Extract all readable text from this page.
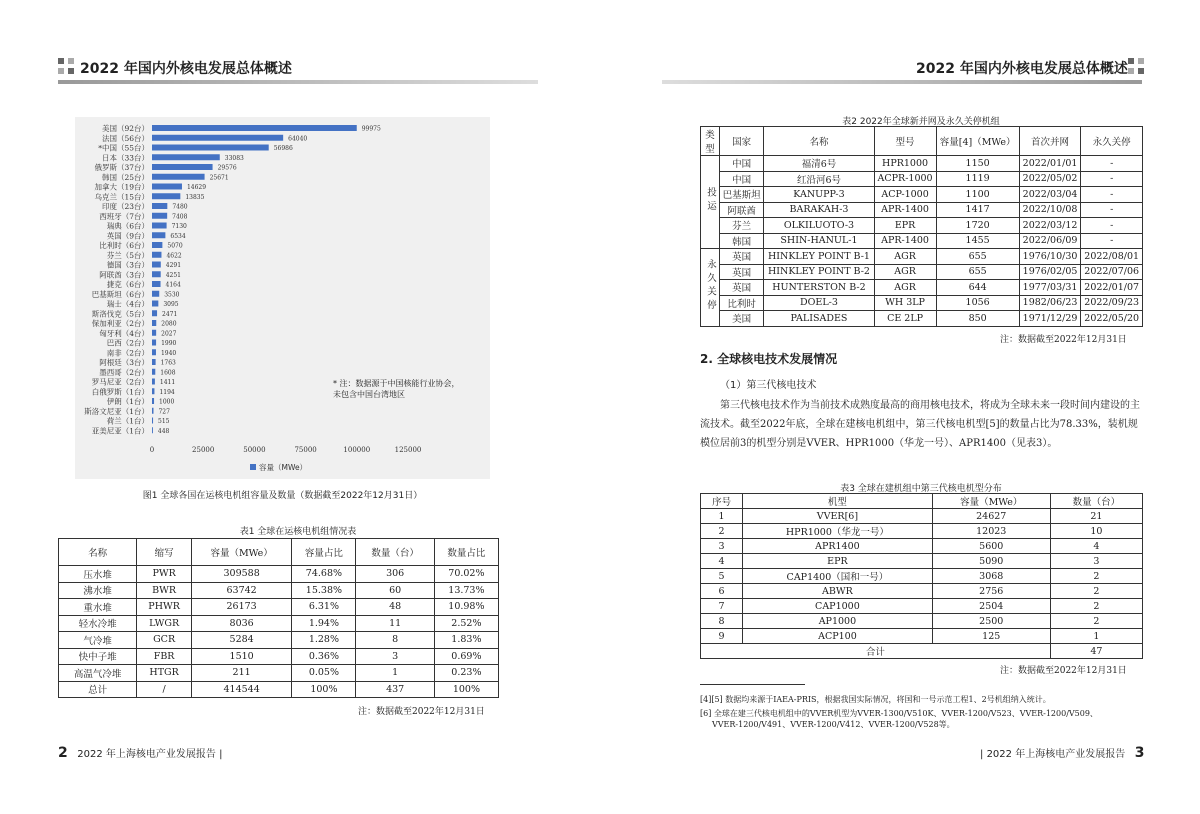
2022 年国内外核电发展总体概述
美国（92台）	99975
法国（56台）	64040
*中国（55台）	56986
日本（33台）	33083
俄罗斯（37台）	29576
韩国（25台）	25671
加拿大（19台）	14629
乌克兰（15台）	13835
印度（23台）	7480
西班牙（7台）	7408
瑞典（6台）	7130
英国（9台）	6534
比利时（6台）	5070
芬兰（5台）	4622
德国（3台）	4291
阿联酋（3台）	4251
捷克（6台）	4164
巴基斯坦（6台）	3530
瑞士（4台） 3095
斯洛伐克（5台） 2471
保加利亚（2台） 2080
匈牙利（4台） 2027
巴西（2台） 1990
南非（2台） 1940
阿根廷（3台） 1763
墨西哥（2台） 1608
罗马尼亚（2台） 1411
白俄罗斯（1台） 1194
伊朗（1台） 1000
斯洛文尼亚（1台） 727
荷兰（1台） 515
亚美尼亚（1台） 448
0	25000	50000	75000	100000	125000
容量（MWe）
* 注：数据源于中国核能行业协会，
未包含中国台湾地区
图1 全球各国在运核电机组容量及数量（数据截至2022年12月31日）
表1 全球在运核电机组情况表
名称	缩写	容量（MWe）	容量占比	数量（台）	数量占比
压水堆	PWR	309588	74.68%	306	70.02%
沸水堆	BWR	63742	15.38%	60	13.73%
重水堆	PHWR	26173	6.31%	48	10.98%
轻水冷堆	LWGR	8036	1.94%	11	2.52%
气冷堆	GCR	5284	1.28%	8	1.83%
快中子堆	FBR	1510	0.36%	3	0.69%
高温气冷堆	HTGR	211	0.05%	1	0.23%
总计	/	414544	100%	437	100%
注：数据截至2022年12月31日
2 2022 年上海核电产业发展报告 |
2022 年国内外核电发展总体概述
表2 2022年全球新并网及永久关停机组
类型	国家	名称	型号	容量[4]（MWe）	首次并网	永久关停
投运	中国	福清6号	HPR1000	1150	2022/01/01	-
	中国	红沿河6号	ACPR-1000	1119	2022/05/02	-
	巴基斯坦	KANUPP-3	ACP-1000	1100	2022/03/04	-
	阿联酋	BARAKAH-3	APR-1400	1417	2022/10/08	-
	芬兰	OLKILUOTO-3	EPR	1720	2022/03/12	-
	韩国	SHIN-HANUL-1	APR-1400	1455	2022/06/09	-
永久关停	英国	HINKLEY POINT B-1	AGR	655	1976/10/30	2022/08/01
	英国	HINKLEY POINT B-2	AGR	655	1976/02/05	2022/07/06
	英国	HUNTERSTON B-2	AGR	644	1977/03/31	2022/01/07
	比利时	DOEL-3	WH 3LP	1056	1982/06/23	2022/09/23
	美国	PALISADES	CE 2LP	850	1971/12/29	2022/05/20
注：数据截至2022年12月31日
2. 全球核电技术发展情况
（1）第三代核电技术
第三代核电技术作为当前技术成熟度最高的商用核电技术，将成为全球未来一段时间内建设的主流技术。截至2022年底，全球在建核电机组中，第三代核电机型[5]的数量占比为78.33%，装机规模位居前3的机型分别是VVER、HPR1000（华龙一号）、APR1400（见表3）。
表3 全球在建机组中第三代核电机型分布
序号	机型	容量（MWe）	数量（台）
1	VVER[6]	24627	21
2	HPR1000（华龙一号）	12023	10
3	APR1400	5600	4
4	EPR	5090	3
5	CAP1400（国和一号）	3068	2
6	ABWR	2756	2
7	CAP1000	2504	2
8	AP1000	2500	2
9	ACP100	125	1
合计			47
注：数据截至2022年12月31日
[4][5] 数据均来源于IAEA-PRIS，根据我国实际情况，将国和一号示范工程1、2号机组纳入统计。
[6] 全球在建三代核电机组中的VVER机型为VVER-1300/V510K、VVER-1200/V523、VVER-1200/V509、
VVER-1200/V491、VVER-1200/V412、VVER-1200/V528等。
| 2022 年上海核电产业发展报告 3
